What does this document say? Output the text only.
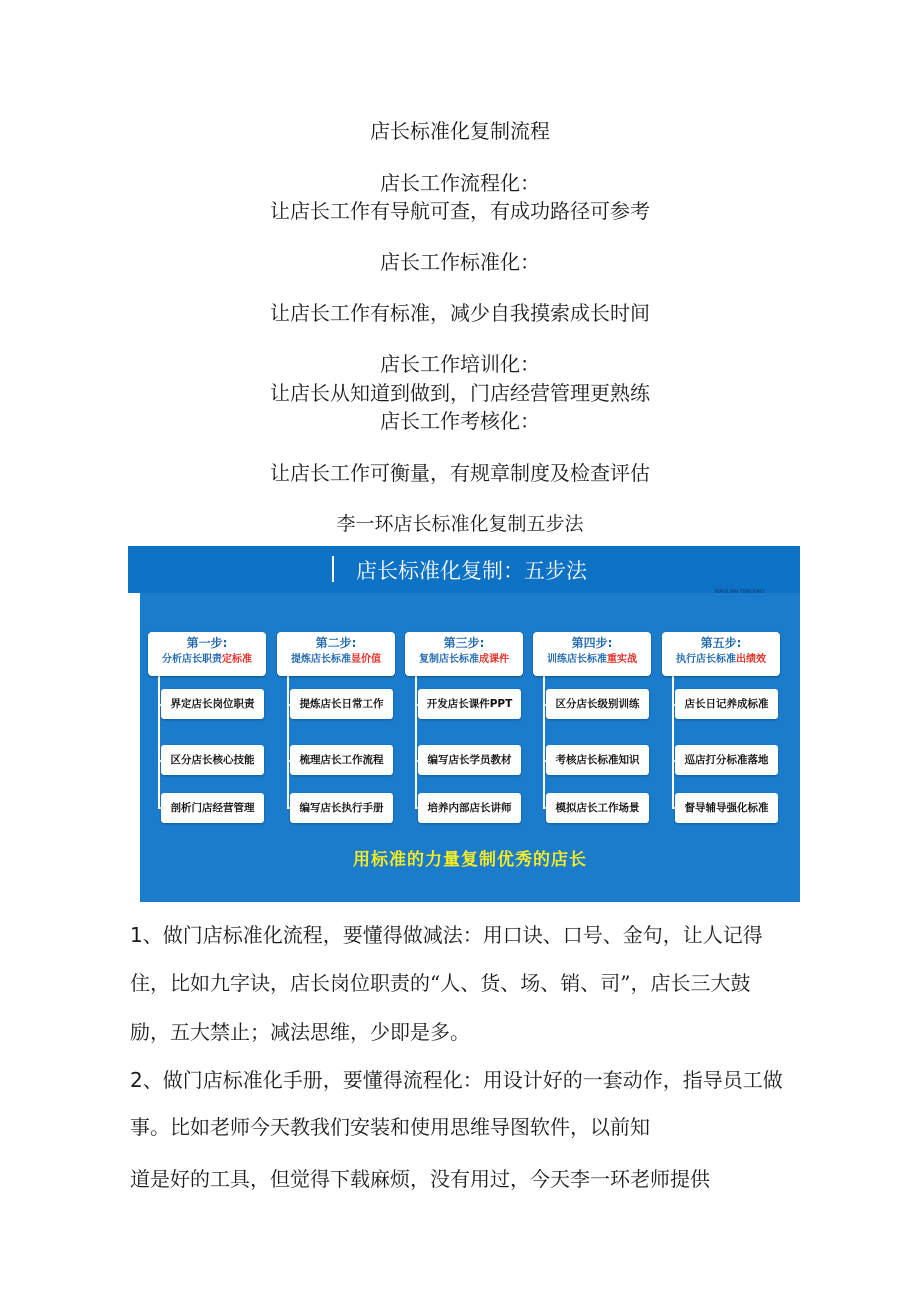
店长标准化复制流程
店长工作流程化：
让店长工作有导航可查，有成功路径可参考
店长工作标准化：
让店长工作有标准，减少自我摸索成长时间
店长工作培训化：
让店长从知道到做到，门店经营管理更熟练
店长工作考核化：
让店长工作可衡量，有规章制度及检查评估
李一环店长标准化复制五步法
店长标准化复制：五步法
XIAOLIAN YINGXIAO
第一步:
分析店长职责定标准
界定店长岗位职责
区分店长核心技能
剖析门店经营管理
第二步:
提炼店长标准显价值
提炼店长日常工作
梳理店长工作流程
编写店长执行手册
第三步:
复制店长标准成课件
开发店长课件PPT
编写店长学员教材
培养内部店长讲师
第四步:
训练店长标准重实战
区分店长级别训练
考核店长标准知识
模拟店长工作场景
第五步:
执行店长标准出绩效
店长日记养成标准
巡店打分标准落地
督导辅导强化标准
用标准的力量复制优秀的店长
1、做门店标准化流程，要懂得做减法：用口诀、口号、金句，让人记得
住，比如九字诀，店长岗位职责的“人、货、场、销、司”，店长三大鼓
励，五大禁止；减法思维，少即是多。
2、做门店标准化手册，要懂得流程化：用设计好的一套动作，指导员工做
事。比如老师今天教我们安装和使用思维导图软件，以前知
道是好的工具，但觉得下载麻烦，没有用过，今天李一环老师提供
